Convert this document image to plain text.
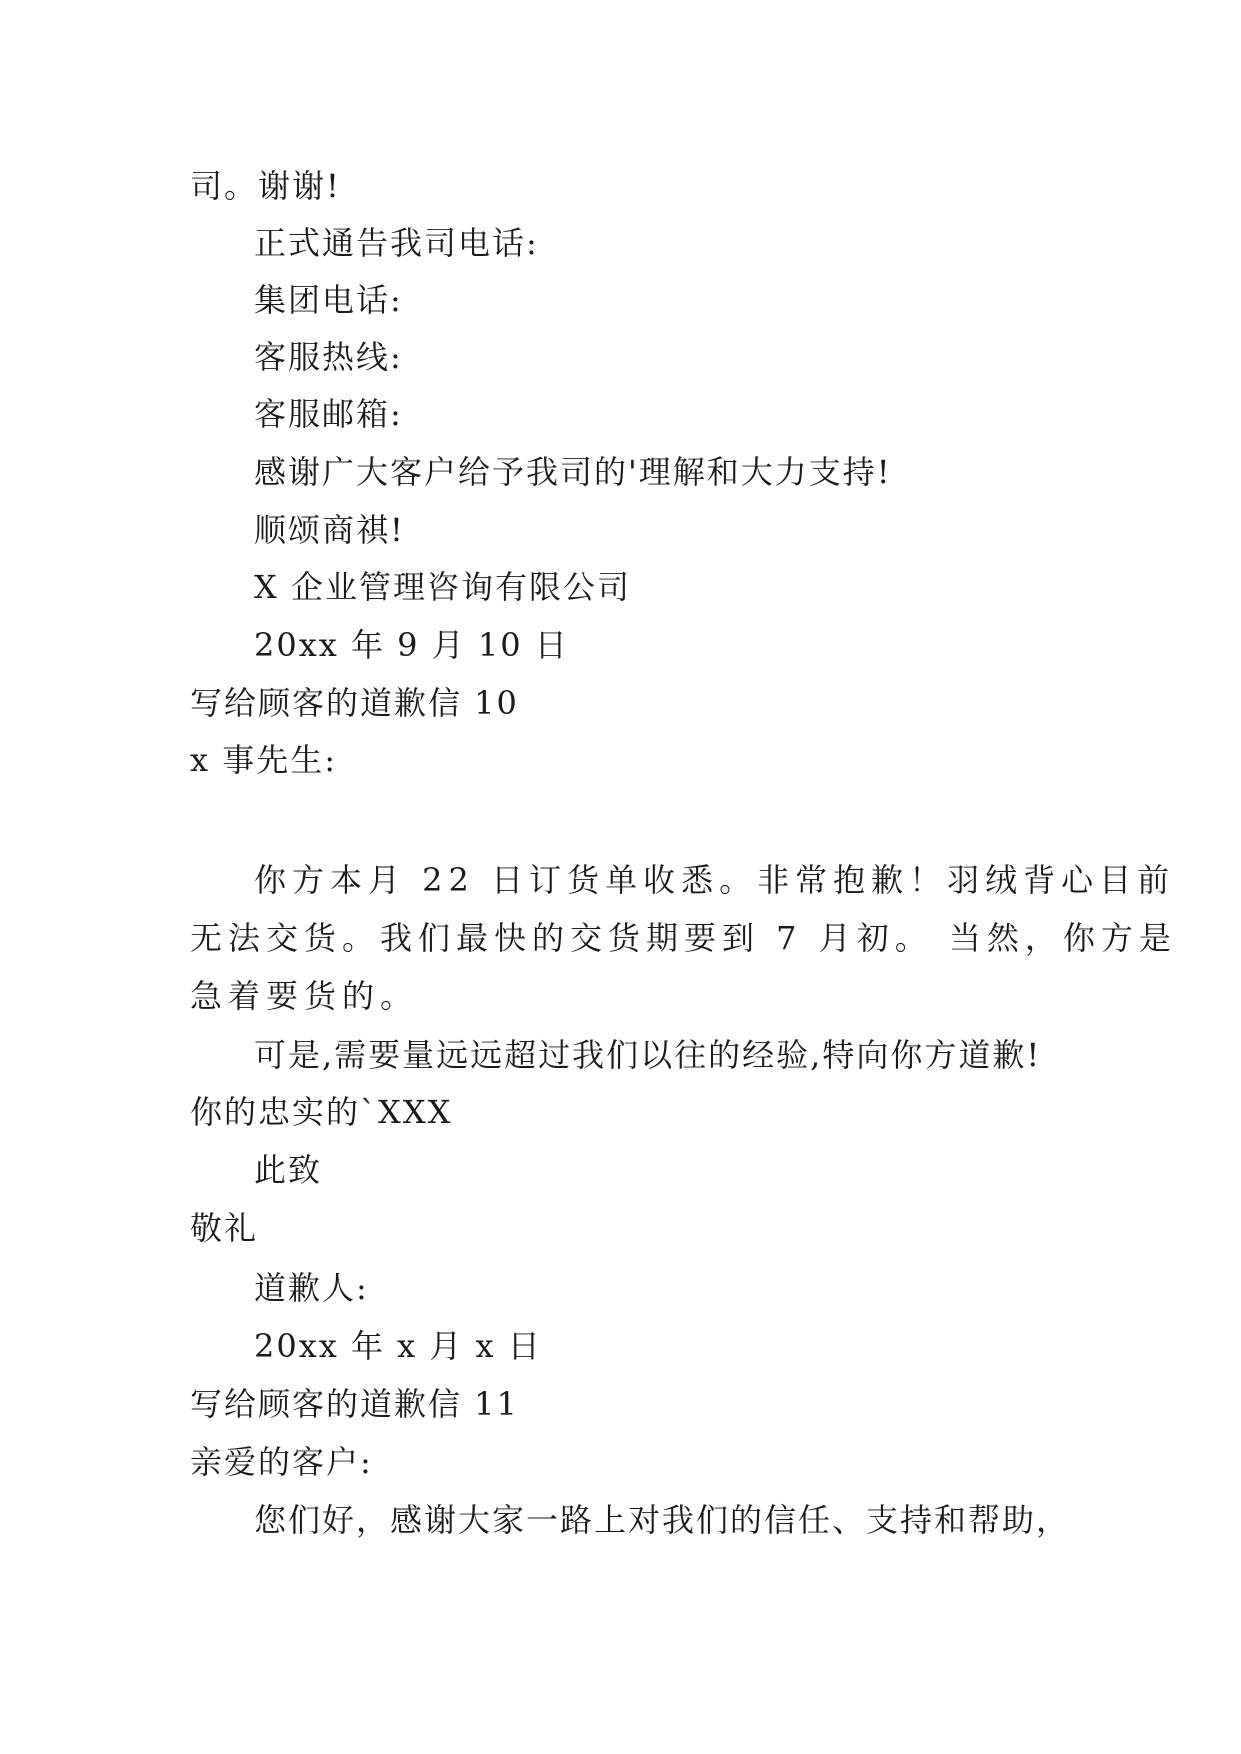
司。谢谢!
正式通告我司电话:
集团电话:
客服热线:
客服邮箱:
感谢广大客户给予我司的'理解和大力支持!
顺颂商祺!
X 企业管理咨询有限公司
20xx 年 9 月 10 日
写给顾客的道歉信 10
x 事先生:
你方本月 22 日订货单收悉。非常抱歉！羽绒背心目前
无法交货。我们最快的交货期要到 7 月初。 当然，你方是
急着要货的。
可是,需要量远远超过我们以往的经验,特向你方道歉!
你的忠实的`XXX
此致
敬礼
道歉人:
20xx 年 x 月 x 日
写给顾客的道歉信 11
亲爱的客户:
您们好，感谢大家一路上对我们的信任、支持和帮助，
